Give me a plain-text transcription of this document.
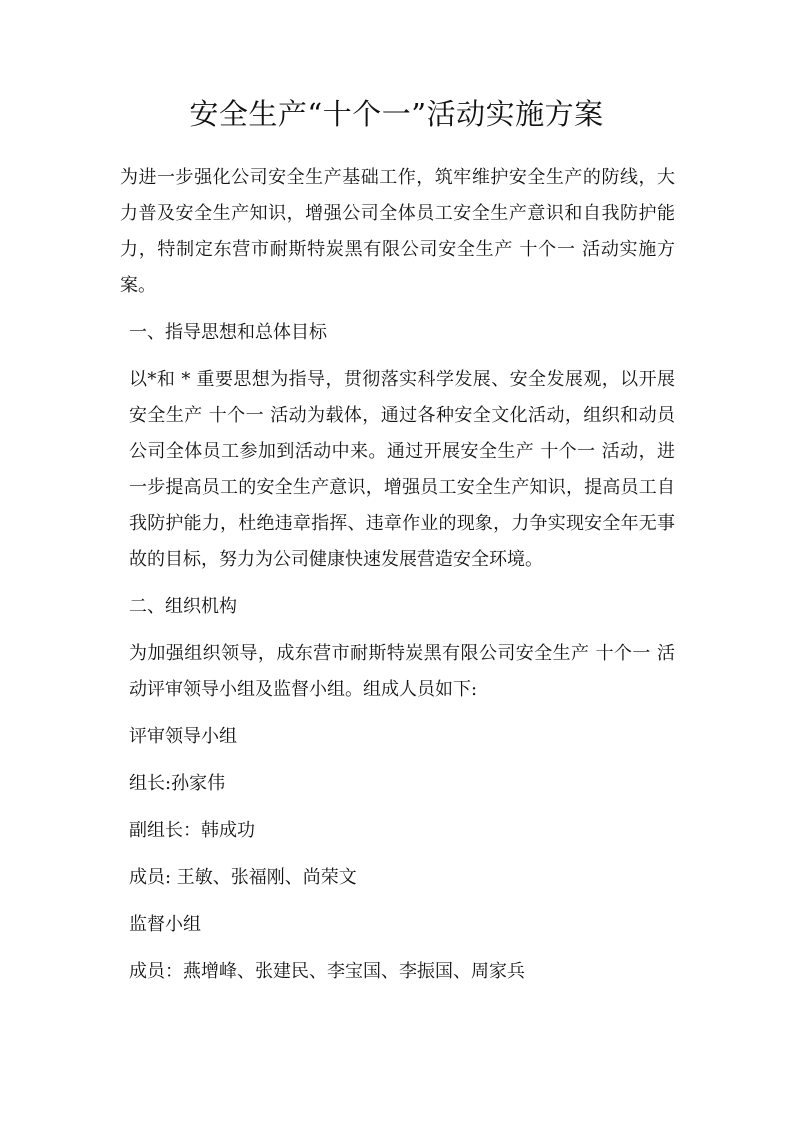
安全生产“十个一”活动实施方案

为进一步强化公司安全生产基础工作，筑牢维护安全生产的防线，大力普及安全生产知识，增强公司全体员工安全生产意识和自我防护能力，特制定东营市耐斯特炭黑有限公司安全生产 十个一 活动实施方案。

一、指导思想和总体目标

以*和 * 重要思想为指导，贯彻落实科学发展、安全发展观，以开展安全生产 十个一 活动为载体，通过各种安全文化活动，组织和动员公司全体员工参加到活动中来。通过开展安全生产 十个一 活动，进一步提高员工的安全生产意识，增强员工安全生产知识，提高员工自我防护能力，杜绝违章指挥、违章作业的现象，力争实现安全年无事故的目标，努力为公司健康快速发展营造安全环境。

二、组织机构

为加强组织领导，成东营市耐斯特炭黑有限公司安全生产 十个一 活动评审领导小组及监督小组。组成人员如下:

评审领导小组

组长:孙家伟

副组长：韩成功

成员: 王敏、张福刚、尚荣文

监督小组

成员：燕增峰、张建民、李宝国、李振国、周家兵
